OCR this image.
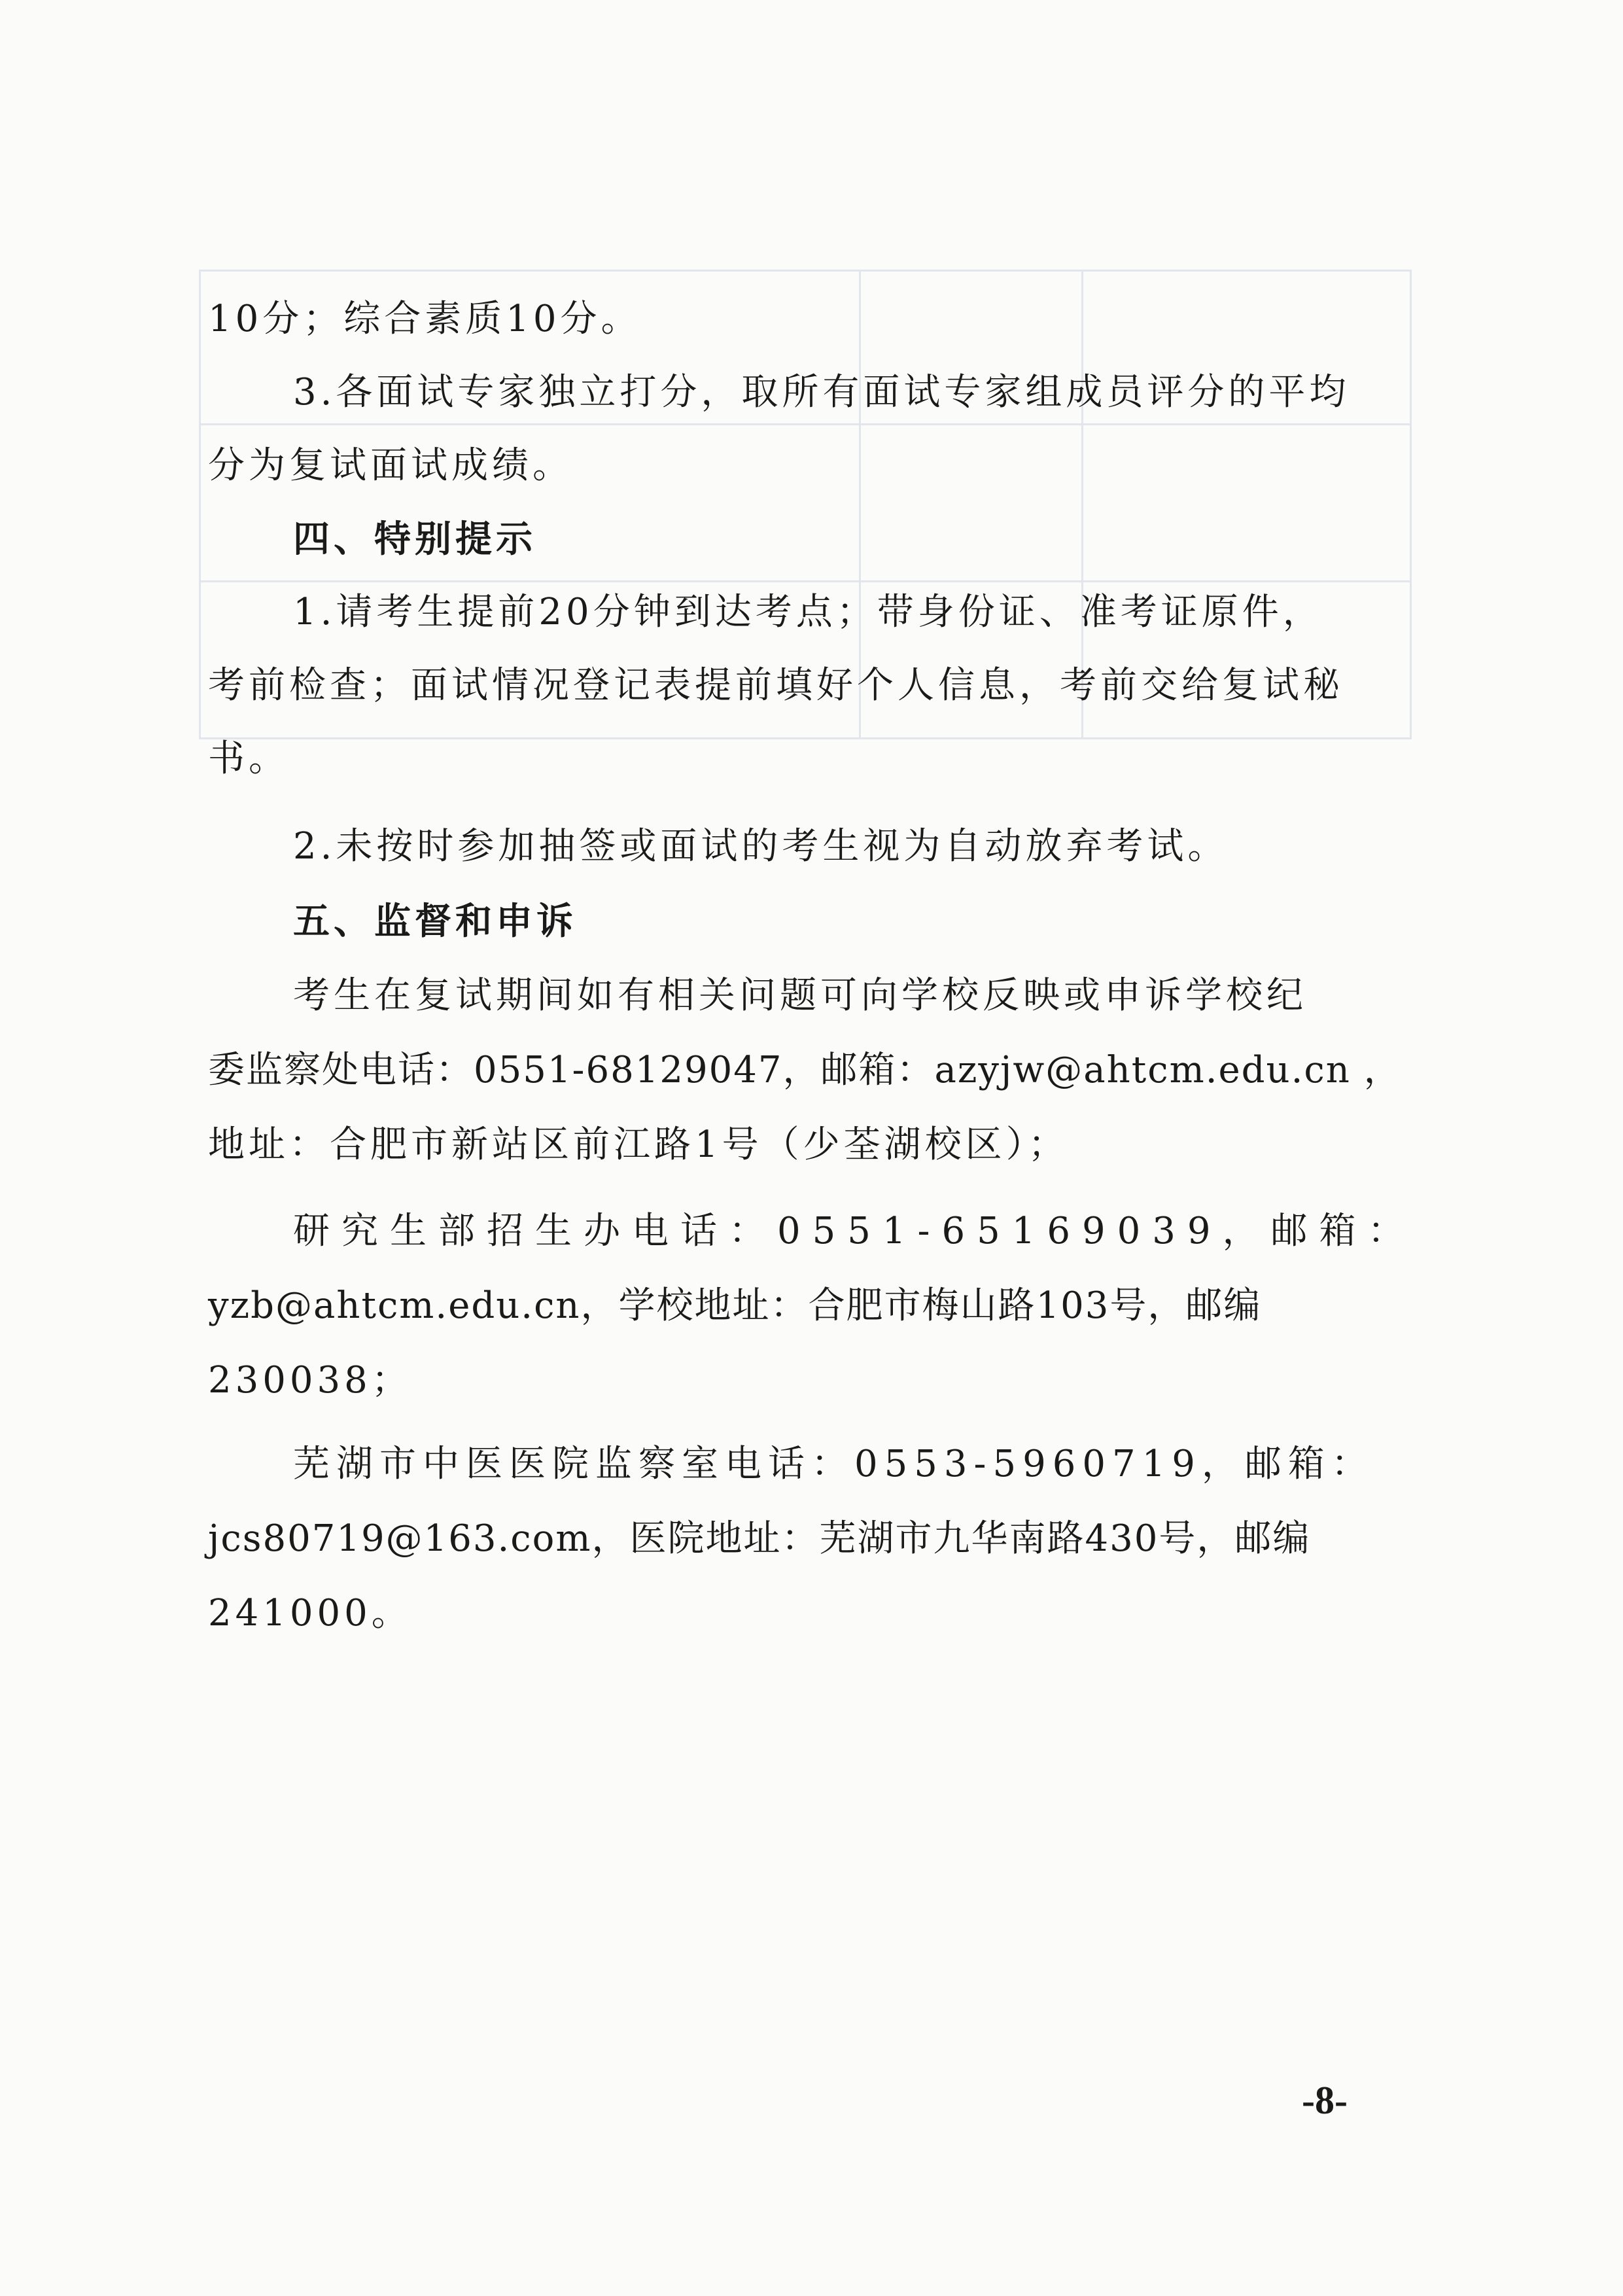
10分；综合素质10分。
3.各面试专家独立打分，取所有面试专家组成员评分的平均
分为复试面试成绩。
四、特别提示
1.请考生提前20分钟到达考点；带身份证、准考证原件，
考前检查；面试情况登记表提前填好个人信息，考前交给复试秘
书。
2.未按时参加抽签或面试的考生视为自动放弃考试。
五、监督和申诉
考生在复试期间如有相关问题可向学校反映或申诉学校纪
委监察处电话：0551-68129047，邮箱：azyjw@ahtcm.edu.cn ，
地址：合肥市新站区前江路1号（少荃湖校区）；
研究生部招生办电话：0551-65169039，邮箱：
yzb@ahtcm.edu.cn，学校地址：合肥市梅山路103号，邮编
230038；
芜湖市中医医院监察室电话：0553-5960719，邮箱：
jcs80719@163.com，医院地址：芜湖市九华南路430号，邮编
241000。
-8-
